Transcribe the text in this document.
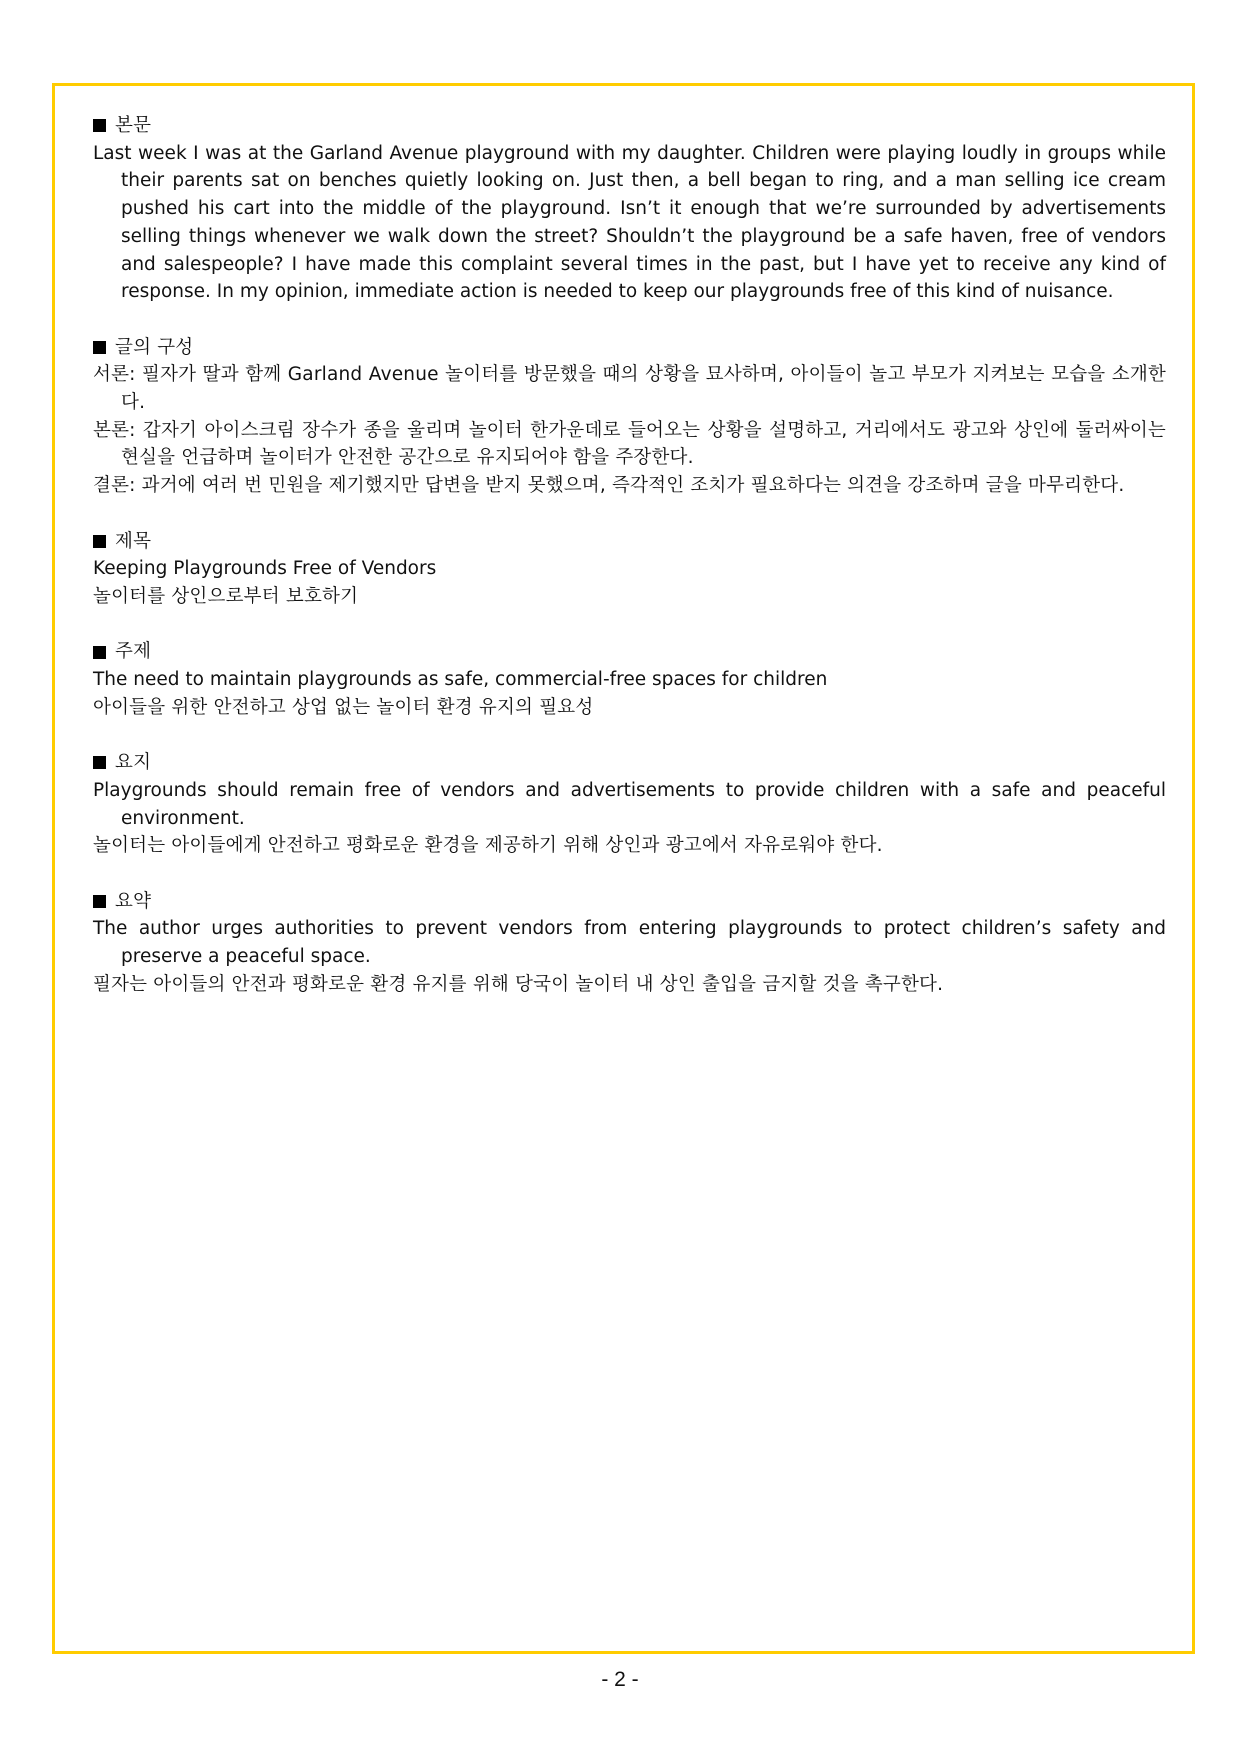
본문
Last week I was at the Garland Avenue playground with my daughter. Children were playing loudly in groups while their parents sat on benches quietly looking on. Just then, a bell began to ring, and a man selling ice cream pushed his cart into the middle of the playground. Isn’t it enough that we’re surrounded by advertisements selling things whenever we walk down the street? Shouldn’t the playground be a safe haven, free of vendors and salespeople? I have made this complaint several times in the past, but I have yet to receive any kind of response. In my opinion, immediate action is needed to keep our playgrounds free of this kind of nuisance.
글의 구성
서론: 필자가 딸과 함께 Garland Avenue 놀이터를 방문했을 때의 상황을 묘사하며, 아이들이 놀고 부모가 지켜보는 모습을 소개한다.
본론: 갑자기 아이스크림 장수가 종을 울리며 놀이터 한가운데로 들어오는 상황을 설명하고, 거리에서도 광고와 상인에 둘러싸이는 현실을 언급하며 놀이터가 안전한 공간으로 유지되어야 함을 주장한다.
결론: 과거에 여러 번 민원을 제기했지만 답변을 받지 못했으며, 즉각적인 조치가 필요하다는 의견을 강조하며 글을 마무리한다.
제목
Keeping Playgrounds Free of Vendors
놀이터를 상인으로부터 보호하기
주제
The need to maintain playgrounds as safe, commercial-free spaces for children
아이들을 위한 안전하고 상업 없는 놀이터 환경 유지의 필요성
요지
Playgrounds should remain free of vendors and advertisements to provide children with a safe and peaceful environment.
놀이터는 아이들에게 안전하고 평화로운 환경을 제공하기 위해 상인과 광고에서 자유로워야 한다.
요약
The author urges authorities to prevent vendors from entering playgrounds to protect children’s safety and preserve a peaceful space.
필자는 아이들의 안전과 평화로운 환경 유지를 위해 당국이 놀이터 내 상인 출입을 금지할 것을 촉구한다.
- 2 -
